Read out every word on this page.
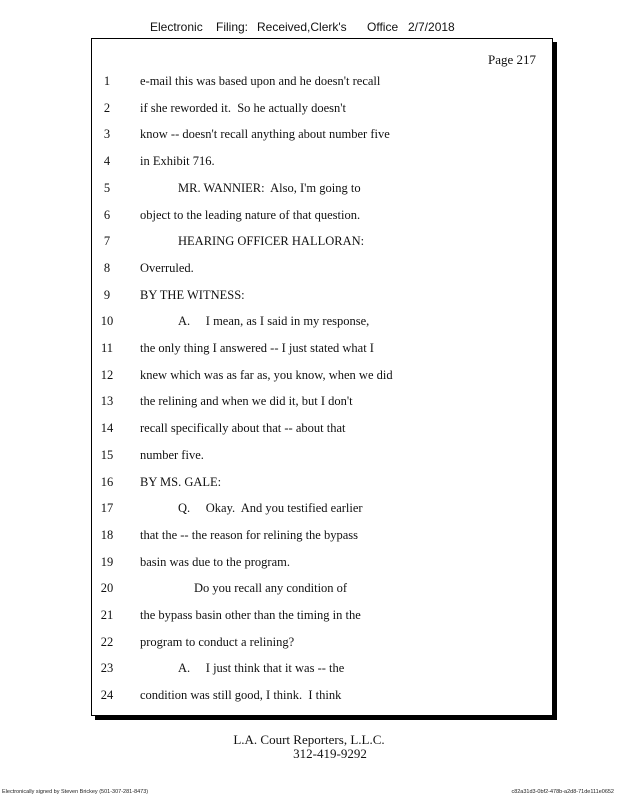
Electronic Filing: Received,Clerk's Office 2/7/2018
Page 217
1	e-mail this was based upon and he doesn't recall
2	if she reworded it.  So he actually doesn't
3	know -- doesn't recall anything about number five
4	in Exhibit 716.
5	MR. WANNIER:  Also, I'm going to
6	object to the leading nature of that question.
7	HEARING OFFICER HALLORAN:
8	Overruled.
9	BY THE WITNESS:
10	A.     I mean, as I said in my response,
11	the only thing I answered -- I just stated what I
12	knew which was as far as, you know, when we did
13	the relining and when we did it, but I don't
14	recall specifically about that -- about that
15	number five.
16	BY MS. GALE:
17	Q.     Okay.  And you testified earlier
18	that the -- the reason for relining the bypass
19	basin was due to the program.
20	Do you recall any condition of
21	the bypass basin other than the timing in the
22	program to conduct a relining?
23	A.     I just think that it was -- the
24	condition was still good, I think.  I think
L.A. Court Reporters, L.L.C.
312-419-9292
Electronically signed by Steven Brickey (501-307-281-8473)	c82a31d3-0bf2-478b-a2d8-71de111e0652
